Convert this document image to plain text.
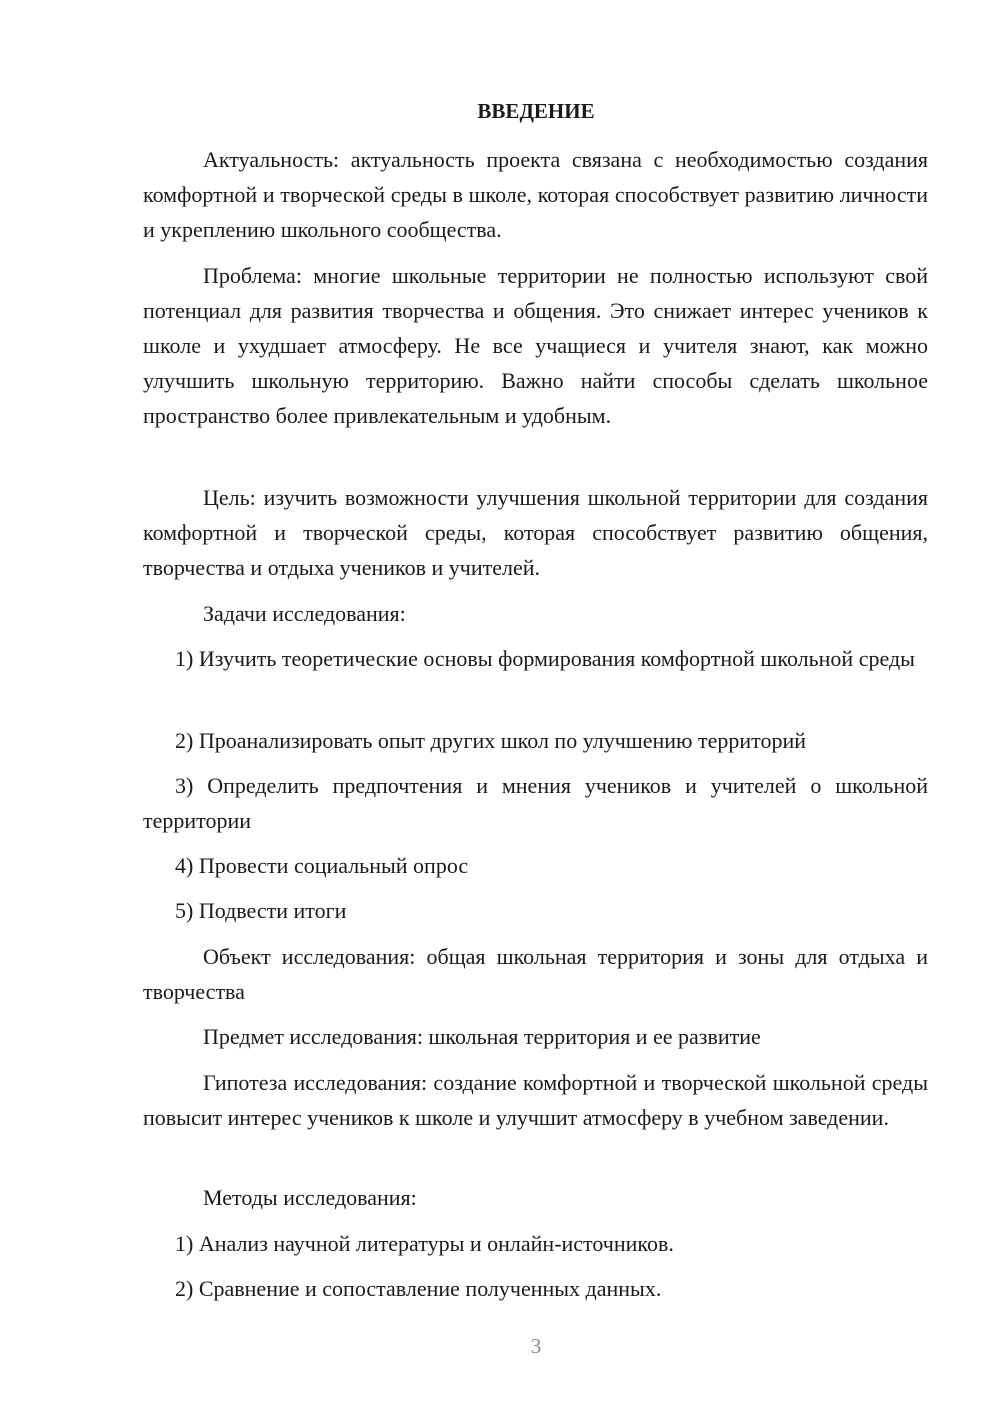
ВВЕДЕНИЕ

Актуальность: актуальность проекта связана с необходимостью создания комфортной и творческой среды в школе, которая способствует развитию личности и укреплению школьного сообщества.

Проблема: многие школьные территории не полностью используют свой потенциал для развития творчества и общения. Это снижает интерес учеников к школе и ухудшает атмосферу. Не все учащиеся и учителя знают, как можно улучшить школьную территорию. Важно найти способы сделать школьное пространство более привлекательным и удобным.

Цель: изучить возможности улучшения школьной территории для создания комфортной и творческой среды, которая способствует развитию общения, творчества и отдыха учеников и учителей.

Задачи исследования:

1) Изучить теоретические основы формирования комфортной школьной среды

2) Проанализировать опыт других школ по улучшению территорий

3) Определить предпочтения и мнения учеников и учителей о школьной территории

4) Провести социальный опрос

5) Подвести итоги

Объект исследования: общая школьная территория и зоны для отдыха и творчества

Предмет исследования: школьная территория и ее развитие

Гипотеза исследования: создание комфортной и творческой школьной среды повысит интерес учеников к школе и улучшит атмосферу в учебном заведении.

Методы исследования:

1) Анализ научной литературы и онлайн-источников.

2) Сравнение и сопоставление полученных данных.

3
